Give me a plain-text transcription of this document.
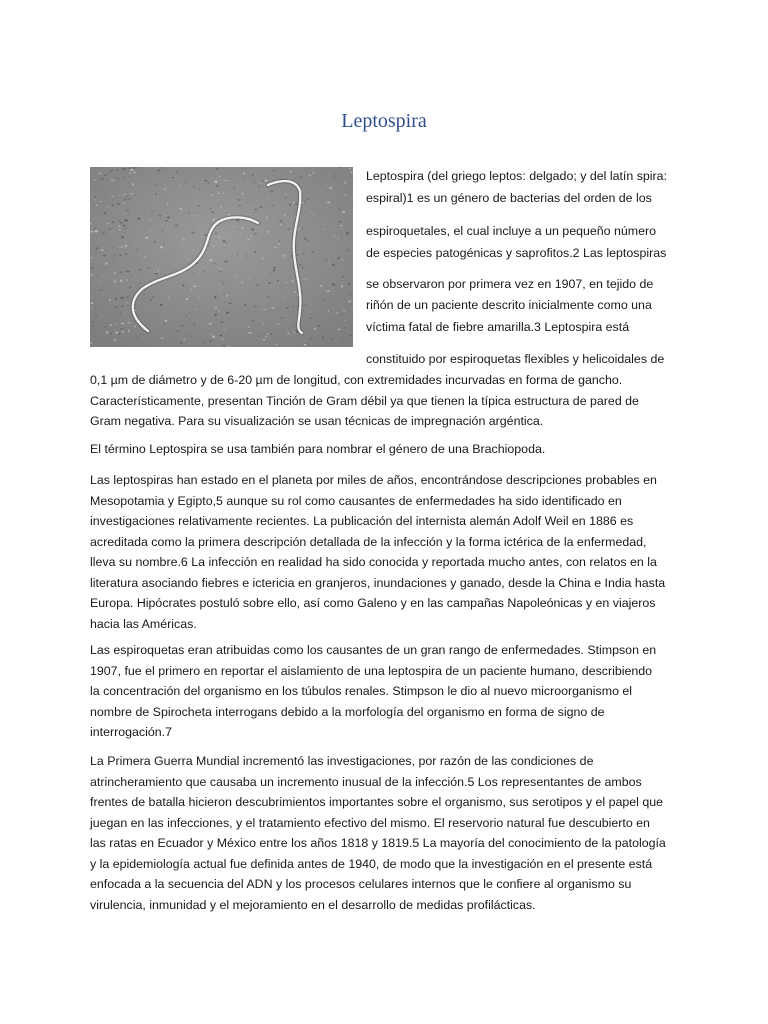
Leptospira
Leptospira (del griego leptos: delgado; y del latín spira:
espiral)1 es un género de bacterias del orden de los
espiroquetales, el cual incluye a un pequeño número
de especies patogénicas y saprofitos.2 Las leptospiras
se observaron por primera vez en 1907, en tejido de
riñón de un paciente descrito inicialmente como una
víctima fatal de fiebre amarilla.3 Leptospira está
constituido por espiroquetas flexibles y helicoidales de
0,1 µm de diámetro y de 6-20 µm de longitud, con extremidades incurvadas en forma de gancho.
Característicamente, presentan Tinción de Gram débil ya que tienen la típica estructura de pared de
Gram negativa. Para su visualización se usan técnicas de impregnación argéntica.
El término Leptospira se usa también para nombrar el género de una Brachiopoda.
Las leptospiras han estado en el planeta por miles de años, encontrándose descripciones probables en
Mesopotamia y Egipto,5 aunque su rol como causantes de enfermedades ha sido identificado en
investigaciones relativamente recientes. La publicación del internista alemán Adolf Weil en 1886 es
acreditada como la primera descripción detallada de la infección y la forma ictérica de la enfermedad,
lleva su nombre.6 La infección en realidad ha sido conocida y reportada mucho antes, con relatos en la
literatura asociando fiebres e ictericia en granjeros, inundaciones y ganado, desde la China e India hasta
Europa. Hipócrates postuló sobre ello, así como Galeno y en las campañas Napoleónicas y en viajeros
hacia las Américas.
Las espiroquetas eran atribuidas como los causantes de un gran rango de enfermedades. Stimpson en
1907, fue el primero en reportar el aislamiento de una leptospira de un paciente humano, describiendo
la concentración del organismo en los túbulos renales. Stimpson le dio al nuevo microorganismo el
nombre de Spirocheta interrogans debido a la morfología del organismo en forma de signo de
interrogación.7
La Primera Guerra Mundial incrementó las investigaciones, por razón de las condiciones de
atrincheramiento que causaba un incremento inusual de la infección.5 Los representantes de ambos
frentes de batalla hicieron descubrimientos importantes sobre el organismo, sus serotipos y el papel que
juegan en las infecciones, y el tratamiento efectivo del mismo. El reservorio natural fue descubierto en
las ratas en Ecuador y México entre los años 1818 y 1819.5 La mayoría del conocimiento de la patología
y la epidemiología actual fue definida antes de 1940, de modo que la investigación en el presente está
enfocada a la secuencia del ADN y los procesos celulares internos que le confiere al organismo su
virulencia, inmunidad y el mejoramiento en el desarrollo de medidas profilácticas.
